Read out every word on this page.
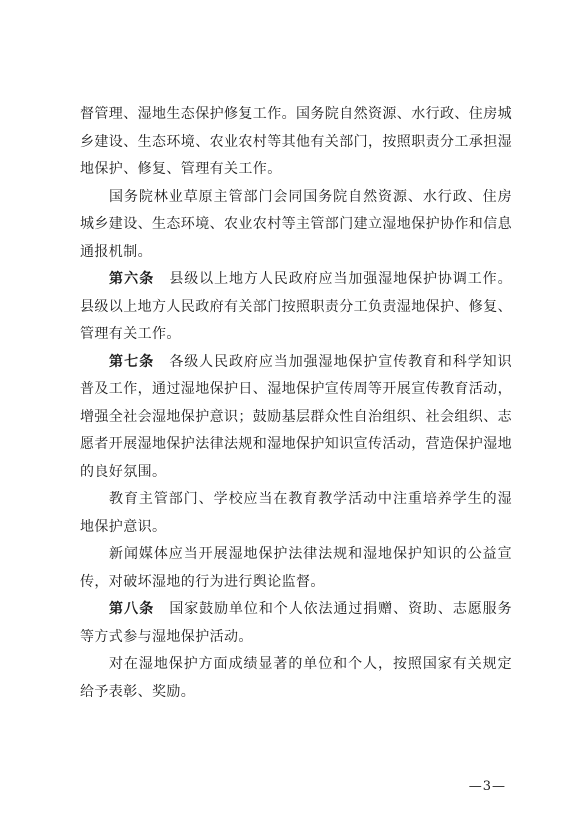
督管理、湿地生态保护修复工作。国务院自然资源、水行政、住房城乡建设、生态环境、农业农村等其他有关部门，按照职责分工承担湿地保护、修复、管理有关工作。

国务院林业草原主管部门会同国务院自然资源、水行政、住房城乡建设、生态环境、农业农村等主管部门建立湿地保护协作和信息通报机制。

第六条　 县级以上地方人民政府应当加强湿地保护协调工作。县级以上地方人民政府有关部门按照职责分工负责湿地保护、修复、管理有关工作。

第七条　 各级人民政府应当加强湿地保护宣传教育和科学知识普及工作，通过湿地保护日、湿地保护宣传周等开展宣传教育活动，增强全社会湿地保护意识；鼓励基层群众性自治组织、社会组织、志愿者开展湿地保护法律法规和湿地保护知识宣传活动，营造保护湿地的良好氛围。

教育主管部门、学校应当在教育教学活动中注重培养学生的湿地保护意识。

新闻媒体应当开展湿地保护法律法规和湿地保护知识的公益宣传，对破坏湿地的行为进行舆论监督。

第八条　 国家鼓励单位和个人依法通过捐赠、资助、志愿服务等方式参与湿地保护活动。

对在湿地保护方面成绩显著的单位和个人，按照国家有关规定给予表彰、奖励。

—3—
